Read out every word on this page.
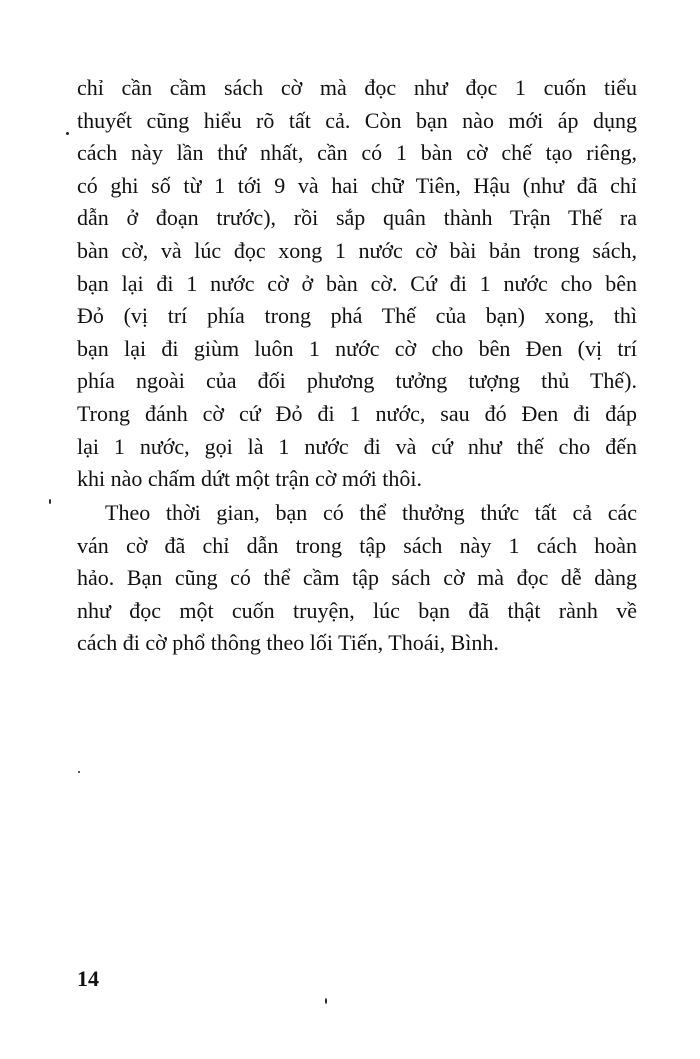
chỉ cần cầm sách cờ mà đọc như đọc 1 cuốn tiểu
thuyết cũng hiểu rõ tất cả. Còn bạn nào mới áp dụng
cách này lần thứ nhất, cần có 1 bàn cờ chế tạo riêng,
có ghi số từ 1 tới 9 và hai chữ Tiên, Hậu (như đã chỉ
dẫn ở đoạn trước), rồi sắp quân thành Trận Thế ra
bàn cờ, và lúc đọc xong 1 nước cờ bài bản trong sách,
bạn lại đi 1 nước cờ ở bàn cờ. Cứ đi 1 nước cho bên
Đỏ (vị trí phía trong phá Thế của bạn) xong, thì
bạn lại đi giùm luôn 1 nước cờ cho bên Đen (vị trí
phía ngoài của đối phương tưởng tượng thủ Thế).
Trong đánh cờ cứ Đỏ đi 1 nước, sau đó Đen đi đáp
lại 1 nước, gọi là 1 nước đi và cứ như thế cho đến
khi nào chấm dứt một trận cờ mới thôi.
Theo thời gian, bạn có thể thưởng thức tất cả các
ván cờ đã chỉ dẫn trong tập sách này 1 cách hoàn
hảo. Bạn cũng có thể cầm tập sách cờ mà đọc dễ dàng
như đọc một cuốn truyện, lúc bạn đã thật rành về
cách đi cờ phổ thông theo lối Tiến, Thoái, Bình.
14
